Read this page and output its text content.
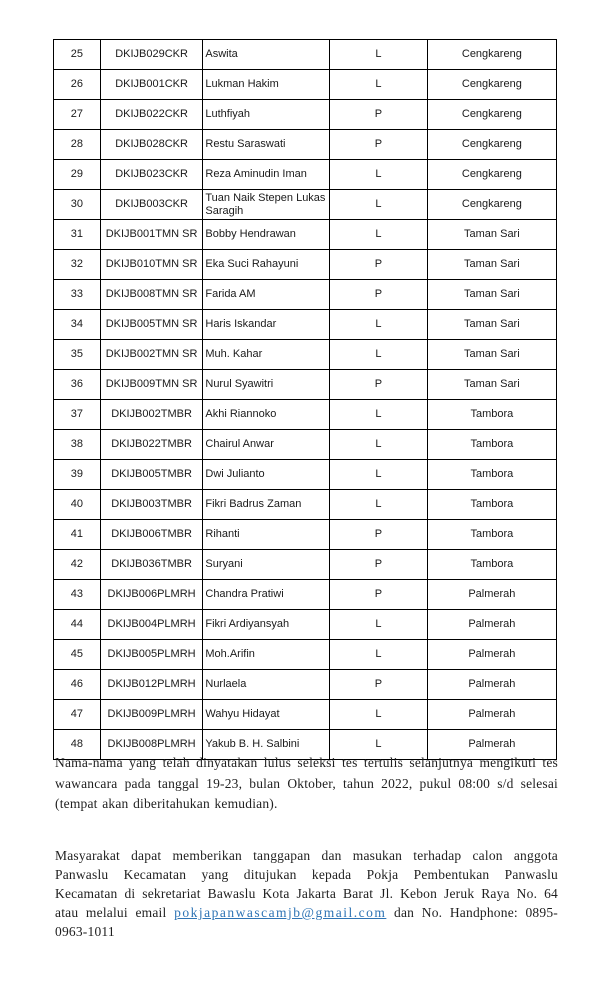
25	DKIJB029CKR	Aswita	L	Cengkareng
26	DKIJB001CKR	Lukman Hakim	L	Cengkareng
27	DKIJB022CKR	Luthfiyah	P	Cengkareng
28	DKIJB028CKR	Restu Saraswati	P	Cengkareng
29	DKIJB023CKR	Reza Aminudin Iman	L	Cengkareng
30	DKIJB003CKR	Tuan Naik Stepen Lukas Saragih	L	Cengkareng
31	DKIJB001TMN SR	Bobby Hendrawan	L	Taman Sari
32	DKIJB010TMN SR	Eka Suci Rahayuni	P	Taman Sari
33	DKIJB008TMN SR	Farida AM	P	Taman Sari
34	DKIJB005TMN SR	Haris Iskandar	L	Taman Sari
35	DKIJB002TMN SR	Muh. Kahar	L	Taman Sari
36	DKIJB009TMN SR	Nurul Syawitri	P	Taman Sari
37	DKIJB002TMBR	Akhi Riannoko	L	Tambora
38	DKIJB022TMBR	Chairul Anwar	L	Tambora
39	DKIJB005TMBR	Dwi Julianto	L	Tambora
40	DKIJB003TMBR	Fikri Badrus Zaman	L	Tambora
41	DKIJB006TMBR	Rihanti	P	Tambora
42	DKIJB036TMBR	Suryani	P	Tambora
43	DKIJB006PLMRH	Chandra Pratiwi	P	Palmerah
44	DKIJB004PLMRH	Fikri Ardiyansyah	L	Palmerah
45	DKIJB005PLMRH	Moh.Arifin	L	Palmerah
46	DKIJB012PLMRH	Nurlaela	P	Palmerah
47	DKIJB009PLMRH	Wahyu Hidayat	L	Palmerah
48	DKIJB008PLMRH	Yakub B. H. Salbini	L	Palmerah

Nama-nama yang telah dinyatakan lulus seleksi tes tertulis selanjutnya mengikuti tes wawancara pada tanggal 19-23, bulan Oktober, tahun 2022, pukul 08:00 s/d selesai (tempat akan diberitahukan kemudian).

Masyarakat dapat memberikan tanggapan dan masukan terhadap calon anggota Panwaslu Kecamatan yang ditujukan kepada Pokja Pembentukan Panwaslu Kecamatan di sekretariat Bawaslu Kota Jakarta Barat Jl. Kebon Jeruk Raya No. 64 atau melalui email pokjapanwascamjb@gmail.com dan No. Handphone: 0895-0963-1011
